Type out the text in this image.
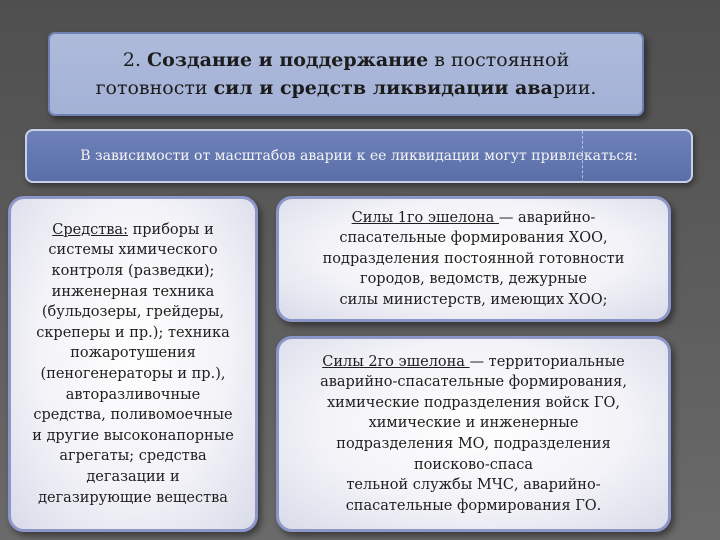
2. Создание и поддержание в постоянной
готовности сил и средств ликвидации аварии.
В зависимости от масштабов аварии к ее ликвидации могут привлекаться:
Средства: приборы и
системы химического
контроля (разведки);
инженерная техника
(бульдозеры, грейдеры,
скреперы и пр.); техника
пожаротушения
(пеногенераторы и пр.),
авторазливочные
средства, поливомоечные
и другие высоконапорные
агрегаты; средства
дегазации и
дегазирующие вещества
Силы 1го эшелона — аварийно-
спасательные формирования ХОО,
подразделения постоянной готовности
городов, ведомств, дежурные
силы министерств, имеющих ХОО;
Силы 2го эшелона — территориальные
аварийно-спасательные формирования,
химические подразделения войск ГО,
химические и инженерные
подразделения МО, подразделения
поисково-спаса
тельной службы МЧС, аварийно-
спасательные формирования ГО.
